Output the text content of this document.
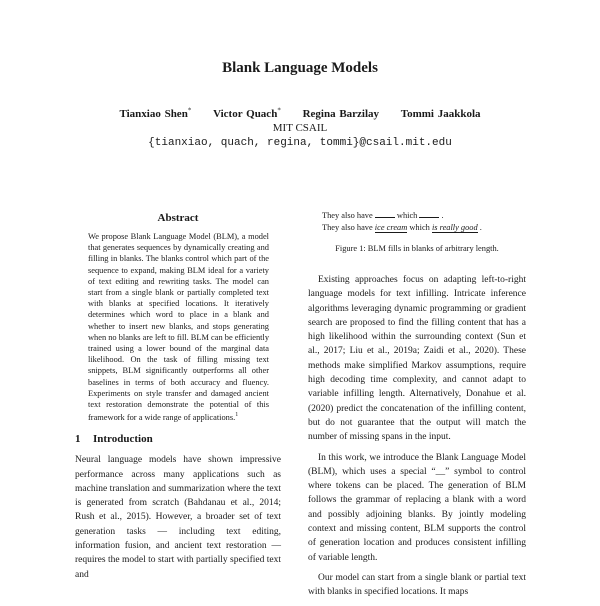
Blank Language Models
Tianxiao Shen* Victor Quach* Regina Barzilay Tommi Jaakkola
MIT CSAIL
{tianxiao, quach, regina, tommi}@csail.mit.edu
Abstract

We propose Blank Language Model (BLM), a model that generates sequences by dynamically creating and filling in blanks. The blanks control which part of the sequence to expand, making BLM ideal for a variety of text editing and rewriting tasks. The model can start from a single blank or partially completed text with blanks at specified locations. It iteratively determines which word to place in a blank and whether to insert new blanks, and stops generating when no blanks are left to fill. BLM can be efficiently trained using a lower bound of the marginal data likelihood. On the task of filling missing text snippets, BLM significantly outperforms all other baselines in terms of both accuracy and fluency. Experiments on style transfer and damaged ancient text restoration demonstrate the potential of this framework for a wide range of applications.$^1$

1 Introduction

Neural language models have shown impressive performance across many applications such as machine translation and summarization where the text is generated from scratch (Bahdanau et al., 2014; Rush et al., 2015). However, a broader set of text generation tasks — including text editing, information fusion, and ancient text restoration — requires the model to start with partially specified text and

They also have	which	.
They also have ice cream which is really good .
Figure 1: BLM fills in blanks of arbitrary length.

Existing approaches focus on adapting left-to-right language models for text infilling. Intricate inference algorithms leveraging dynamic programming or gradient search are proposed to find the filling content that has a high likelihood within the surrounding context (Sun et al., 2017; Liu et al., 2019a; Zaidi et al., 2020). These methods make simplified Markov assumptions, require high decoding time complexity, and cannot adapt to variable infilling length. Alternatively, Donahue et al. (2020) predict the concatenation of the infilling content, but do not guarantee that the output will match the number of missing spans in the input.

In this work, we introduce the Blank Language Model (BLM), which uses a special “__” symbol to control where tokens can be placed. The generation of BLM follows the grammar of replacing a blank with a word and possibly adjoining blanks. By jointly modeling context and missing content, BLM supports the control of generation location and produces consistent infilling of variable length.

Our model can start from a single blank or partial text with blanks in specified locations. It maps
